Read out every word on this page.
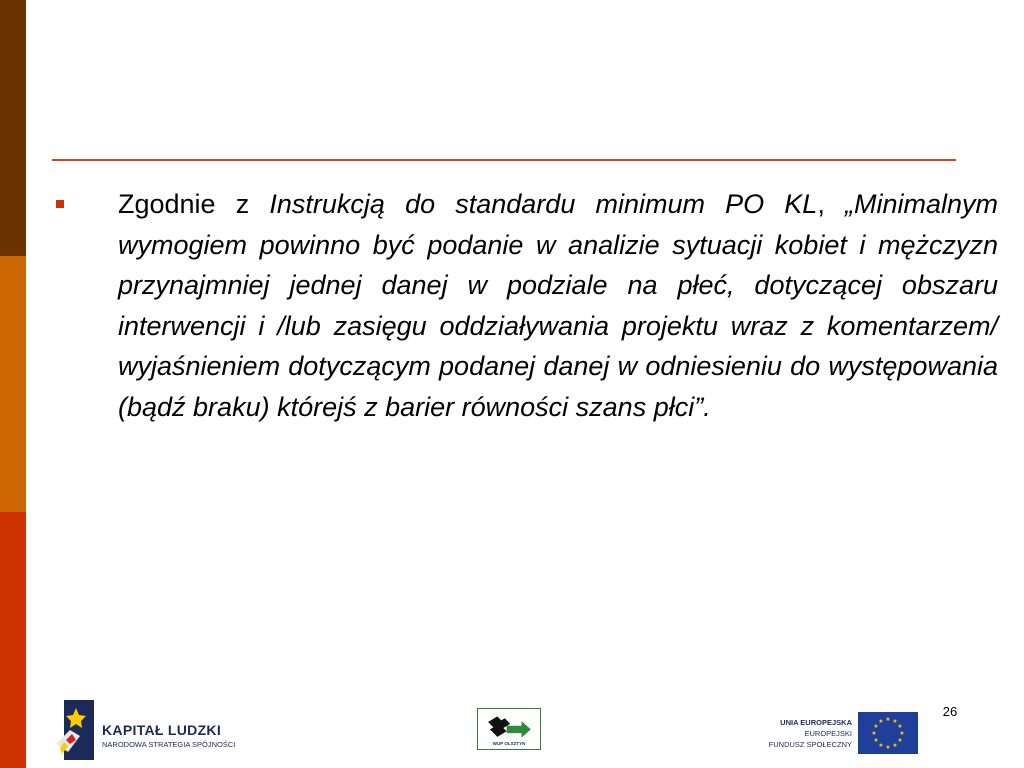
Zgodnie z Instrukcją do standardu minimum PO KL, „Minimalnym wymogiem powinno być podanie w analizie sytuacji kobiet i mężczyzn przynajmniej jednej danej w podziale na płeć, dotyczącej obszaru interwencji i /lub zasięgu oddziaływania projektu wraz z komentarzem/ wyjaśnieniem dotyczącym podanej danej w odniesieniu do występowania (bądź braku) którejś z barier równości szans płci”.
26
KAPITAŁ LUDZKI
NARODOWA STRATEGIA SPÓJNOŚCI	WUP OLSZTYN
UNIA EUROPEJSKA
EUROPEJSKI
FUNDUSZ SPOŁECZNY
★ ★
★
★
★
★
★
★
★
★
★
★
